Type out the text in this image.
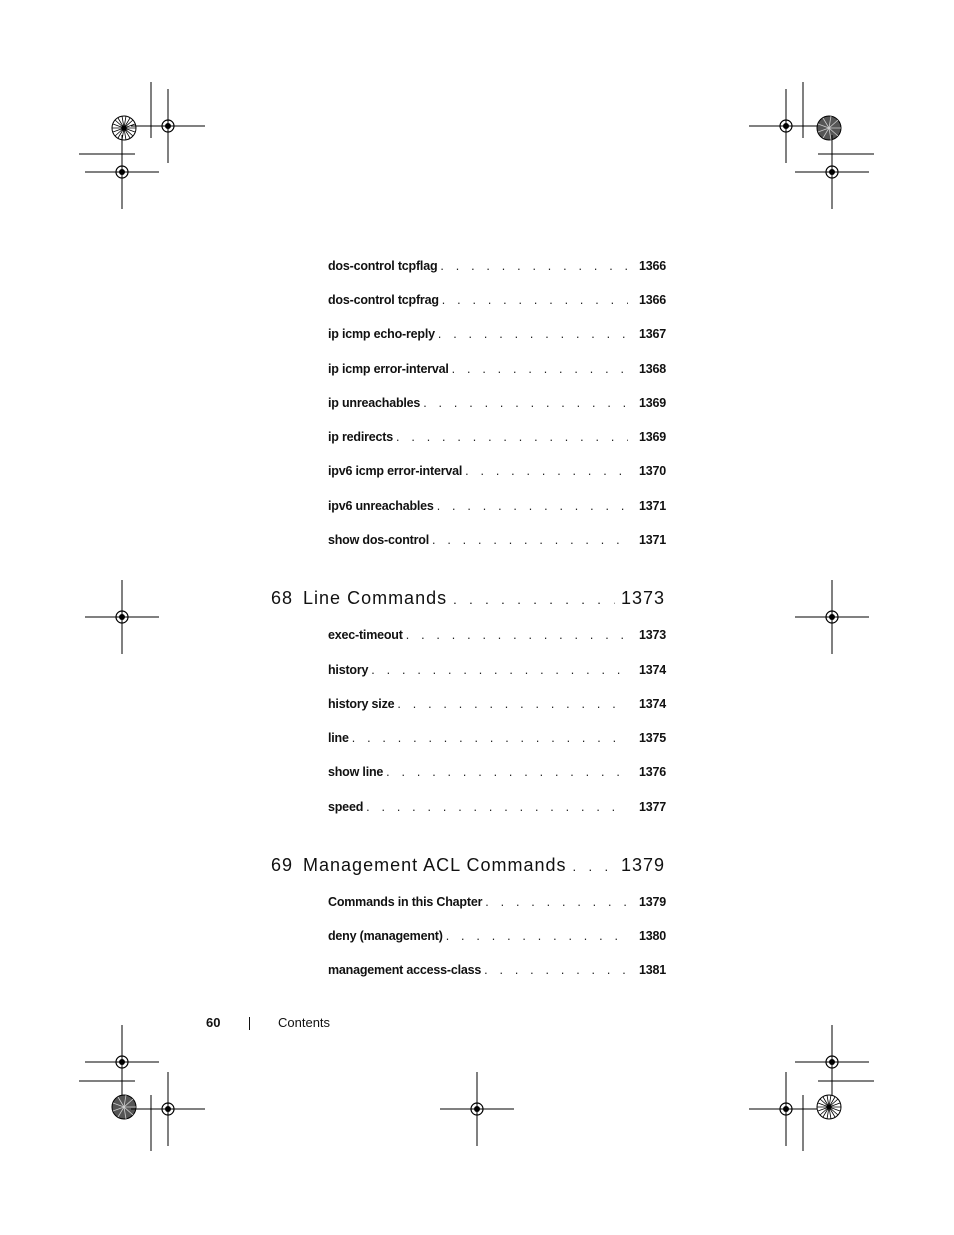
dos-control tcpflag . . .	1366
dos-control tcpfrag . . .	1366
ip icmp echo-reply . . .	1367
ip icmp error-interval . . .	1368
ip unreachables . . .	1369
ip redirects . . .	1369
ipv6 icmp error-interval . . .	1370
ipv6 unreachables . . .	1371
show dos-control . . .	1371
68 Line Commands . . .	1373
exec-timeout . . .	1373
history . . .	1374
history size . . .	1374
line . . .	1375
show line . . .	1376
speed . . .	1377
69 Management ACL Commands . . .	1379
Commands in this Chapter . . .	1379
deny (management) . . .	1380
management access-class . . .	1381
60	Contents
